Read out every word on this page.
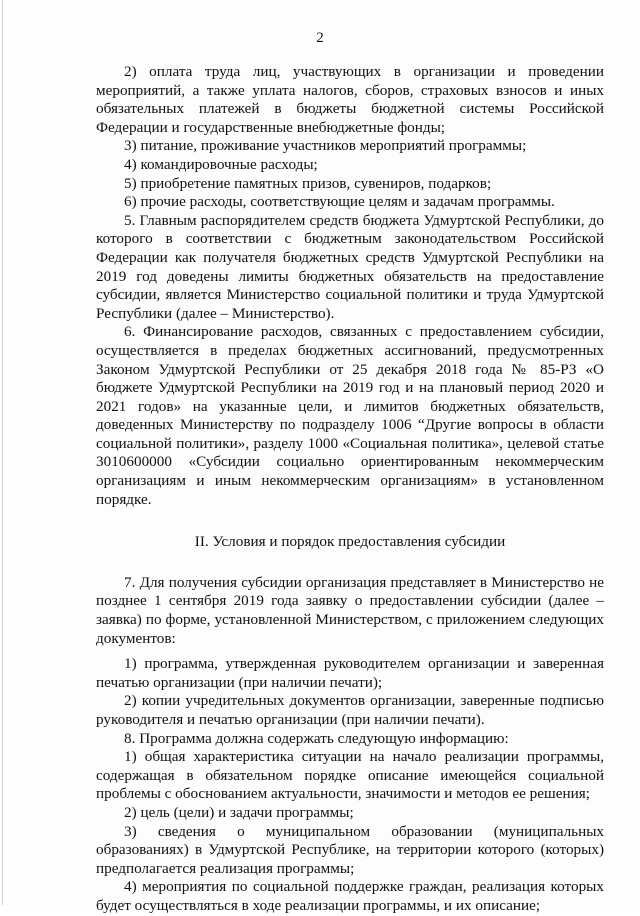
2

2) оплата труда лиц, участвующих в организации и проведении мероприятий, а также уплата налогов, сборов, страховых взносов и иных обязательных платежей в бюджеты бюджетной системы Российской Федерации и государственные внебюджетные фонды;

3) питание, проживание участников мероприятий программы;

4) командировочные расходы;

5) приобретение памятных призов, сувениров, подарков;

6) прочие расходы, соответствующие целям и задачам программы.

5. Главным распорядителем средств бюджета Удмуртской Республики, до которого в соответствии с бюджетным законодательством Российской Федерации как получателя бюджетных средств Удмуртской Республики на 2019 год доведены лимиты бюджетных обязательств на предоставление субсидии, является Министерство социальной политики и труда Удмуртской Республики (далее – Министерство).

6. Финансирование расходов, связанных с предоставлением субсидии, осуществляется в пределах бюджетных ассигнований, предусмотренных Законом Удмуртской Республики от 25 декабря 2018 года № 85-РЗ «О бюджете Удмуртской Республики на 2019 год и на плановый период 2020 и 2021 годов» на указанные цели, и лимитов бюджетных обязательств, доведенных Министерству по подразделу 1006 “Другие вопросы в области социальной политики», разделу 1000 «Социальная политика», целевой статье 3010600000 «Субсидии социально ориентированным некоммерческим организациям и иным некоммерческим организациям» в установленном порядке.

II. Условия и порядок предоставления субсидии

7. Для получения субсидии организация представляет в Министерство не позднее 1 сентября 2019 года заявку о предоставлении субсидии (далее – заявка) по форме, установленной Министерством, с приложением следующих документов:

1) программа, утвержденная руководителем организации и заверенная печатью организации (при наличии печати);

2) копии учредительных документов организации, заверенные подписью руководителя и печатью организации (при наличии печати).

8. Программа должна содержать следующую информацию:

1) общая характеристика ситуации на начало реализации программы, содержащая в обязательном порядке описание имеющейся социальной проблемы с обоснованием актуальности, значимости и методов ее решения;

2) цель (цели) и задачи программы;

3) сведения о муниципальном образовании (муниципальных образованиях) в Удмуртской Республике, на территории которого (которых) предполагается реализация программы;

4) мероприятия по социальной поддержке граждан, реализация которых будет осуществляться в ходе реализации программы, и их описание;
